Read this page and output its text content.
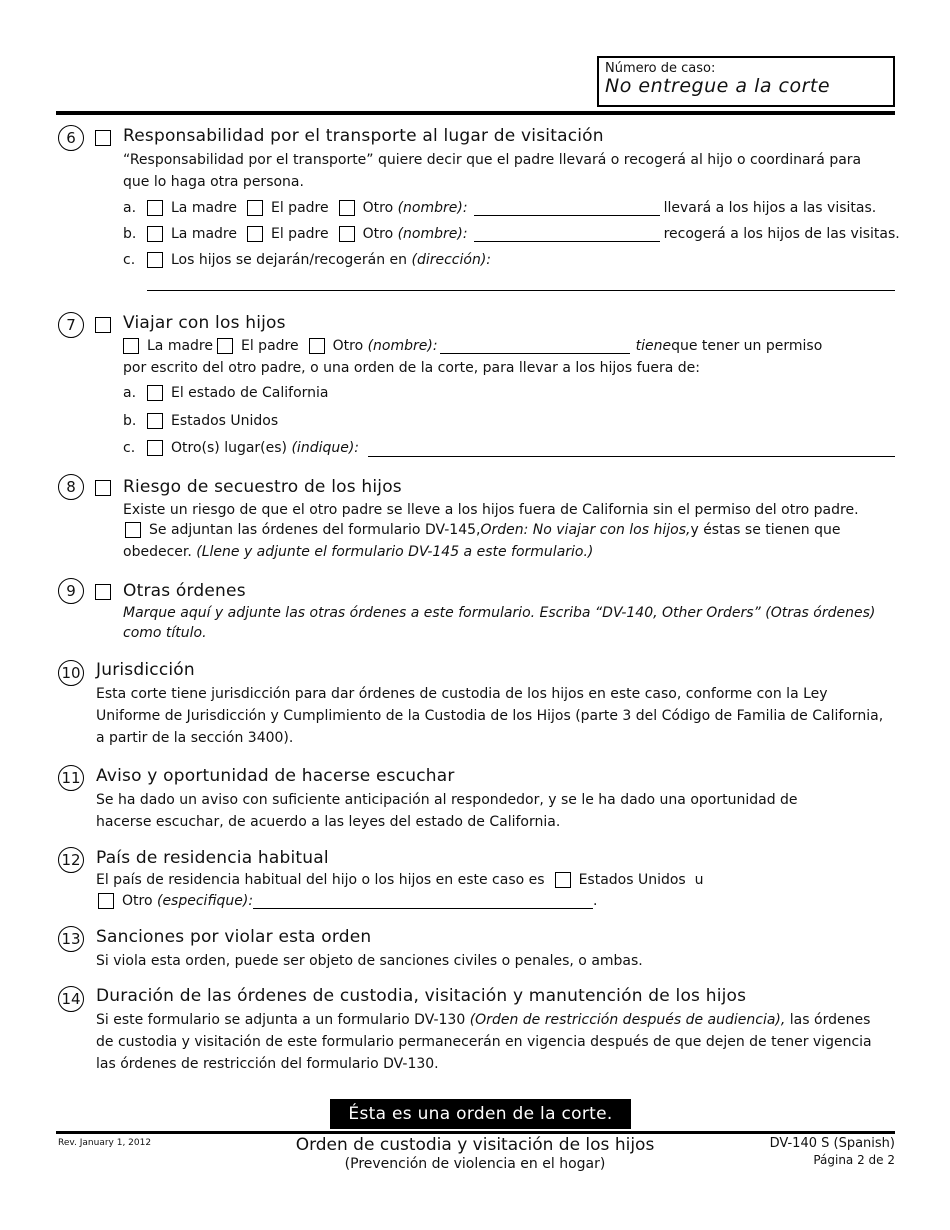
Número de caso:
No entregue a la corte
6	Responsabilidad por el transporte al lugar de visitación
“Responsabilidad por el transporte” quiere decir que el padre llevará o recogerá al hijo o coordinará para que lo haga otra persona.
a.	La madre El padre Otro
(nombre):	llevará a los hijos a las visitas.
b.	La madre El padre Otro
(nombre):	recogerá a los hijos de las visitas.
c.	Los hijos se dejarán/recogerán en
(dirección):
7	Viajar con los hijos
La madre El padre Otro
(nombre):	tiene que tener un permiso
por escrito del otro padre, o una orden de la corte, para llevar a los hijos fuera de:
a.	El estado de California
b.	Estados Unidos
c.	Otro(s) lugar(es)
(indique):
8	Riesgo de secuestro de los hijos
Existe un riesgo de que el otro padre se lleve a los hijos fuera de California sin el permiso del otro padre.
Se adjuntan las órdenes del formulario DV-145, Orden: No viajar con los hijos, y éstas se tienen que
obedecer. (Llene y adjunte el formulario DV-145 a este formulario.)
9	Otras órdenes
Marque aquí y adjunte las otras órdenes a este formulario. Escriba “DV-140, Other Orders” (Otras órdenes) como título.
10 Jurisdicción
Esta corte tiene jurisdicción para dar órdenes de custodia de los hijos en este caso, conforme con la Ley Uniforme de Jurisdicción y Cumplimiento de la Custodia de los Hijos (parte 3 del Código de Familia de California, a partir de la sección 3400).
11 Aviso y oportunidad de hacerse escuchar
Se ha dado un aviso con suficiente anticipación al respondedor, y se le ha dado una oportunidad de hacerse escuchar, de acuerdo a las leyes del estado de California.
12 País de residencia habitual
El país de residencia habitual del hijo o los hijos en este caso es Estados Unidos
u
Otro
(especifique):	.
13 Sanciones por violar esta orden
Si viola esta orden, puede ser objeto de sanciones civiles o penales, o ambas.
14 Duración de las órdenes de custodia, visitación y manutención de los hijos
Si este formulario se adjunta a un formulario DV-130 (Orden de restricción después de audiencia), las órdenes de custodia y visitación de este formulario permanecerán en vigencia después de que dejen de tener vigencia las órdenes de restricción del formulario DV-130.
Ésta es una orden de la corte.
Rev. January 1, 2012	Orden de custodia y visitación de los hijos
(Prevención de violencia en el hogar)
DV-140 S (Spanish)
Página 2 de 2
